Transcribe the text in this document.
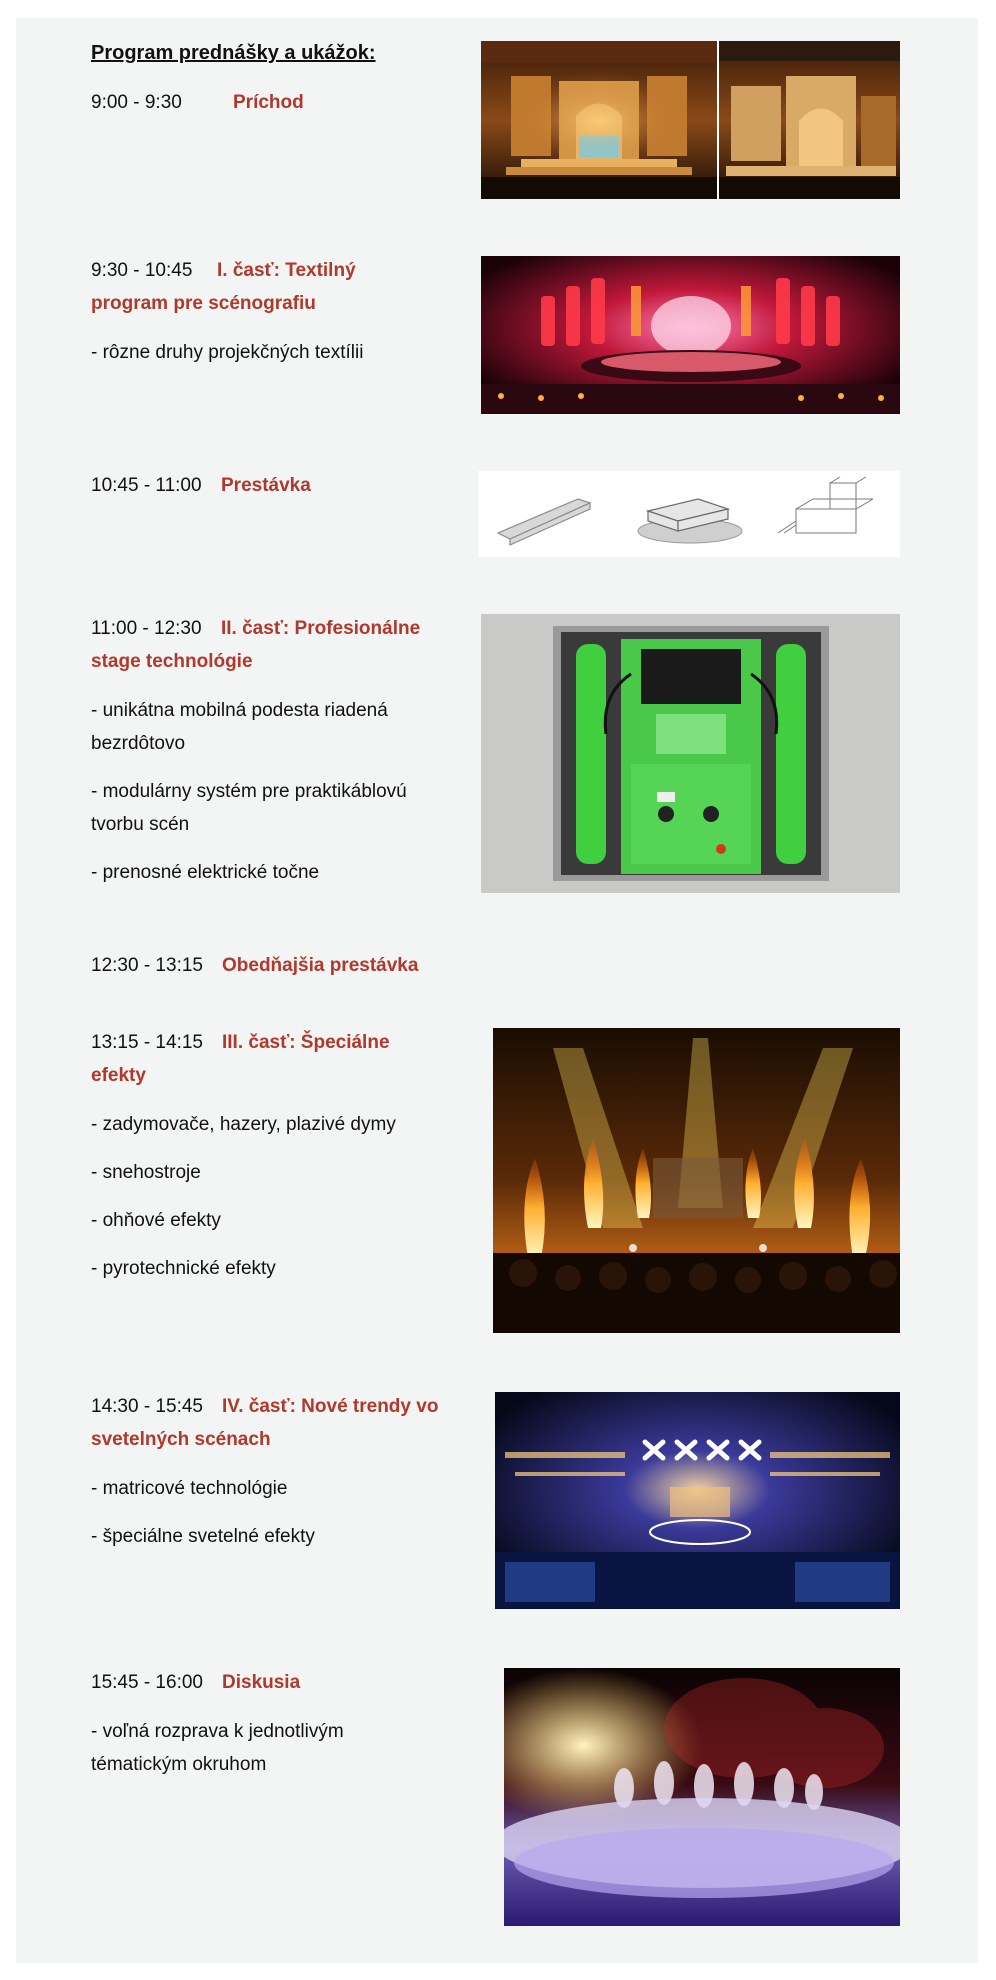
Program prednášky a ukážok:
9:00 - 9:30	Príchod
9:30 - 10:45 I. časť: Textilný
program pre scénografiu
- rôzne druhy projekčných textílii
10:45 - 11:00 Prestávka
11:00 - 12:30 II. časť: Profesionálne
stage technológie
- unikátna mobilná podesta riadená
bezrdôtovo
- modulárny systém pre praktikáblovú
tvorbu scén
- prenosné elektrické točne
12:30 - 13:15 Obedňajšia prestávka
13:15 - 14:15 III. časť: Špeciálne
efekty
- zadymovače, hazery, plazivé dymy
- snehostroje
- ohňové efekty
- pyrotechnické efekty
14:30 - 15:45 IV. časť: Nové trendy vo
svetelných scénach
- matricové technológie
- špeciálne svetelné efekty
15:45 - 16:00 Diskusia
- voľná rozprava k jednotlivým
tématickým okruhom
